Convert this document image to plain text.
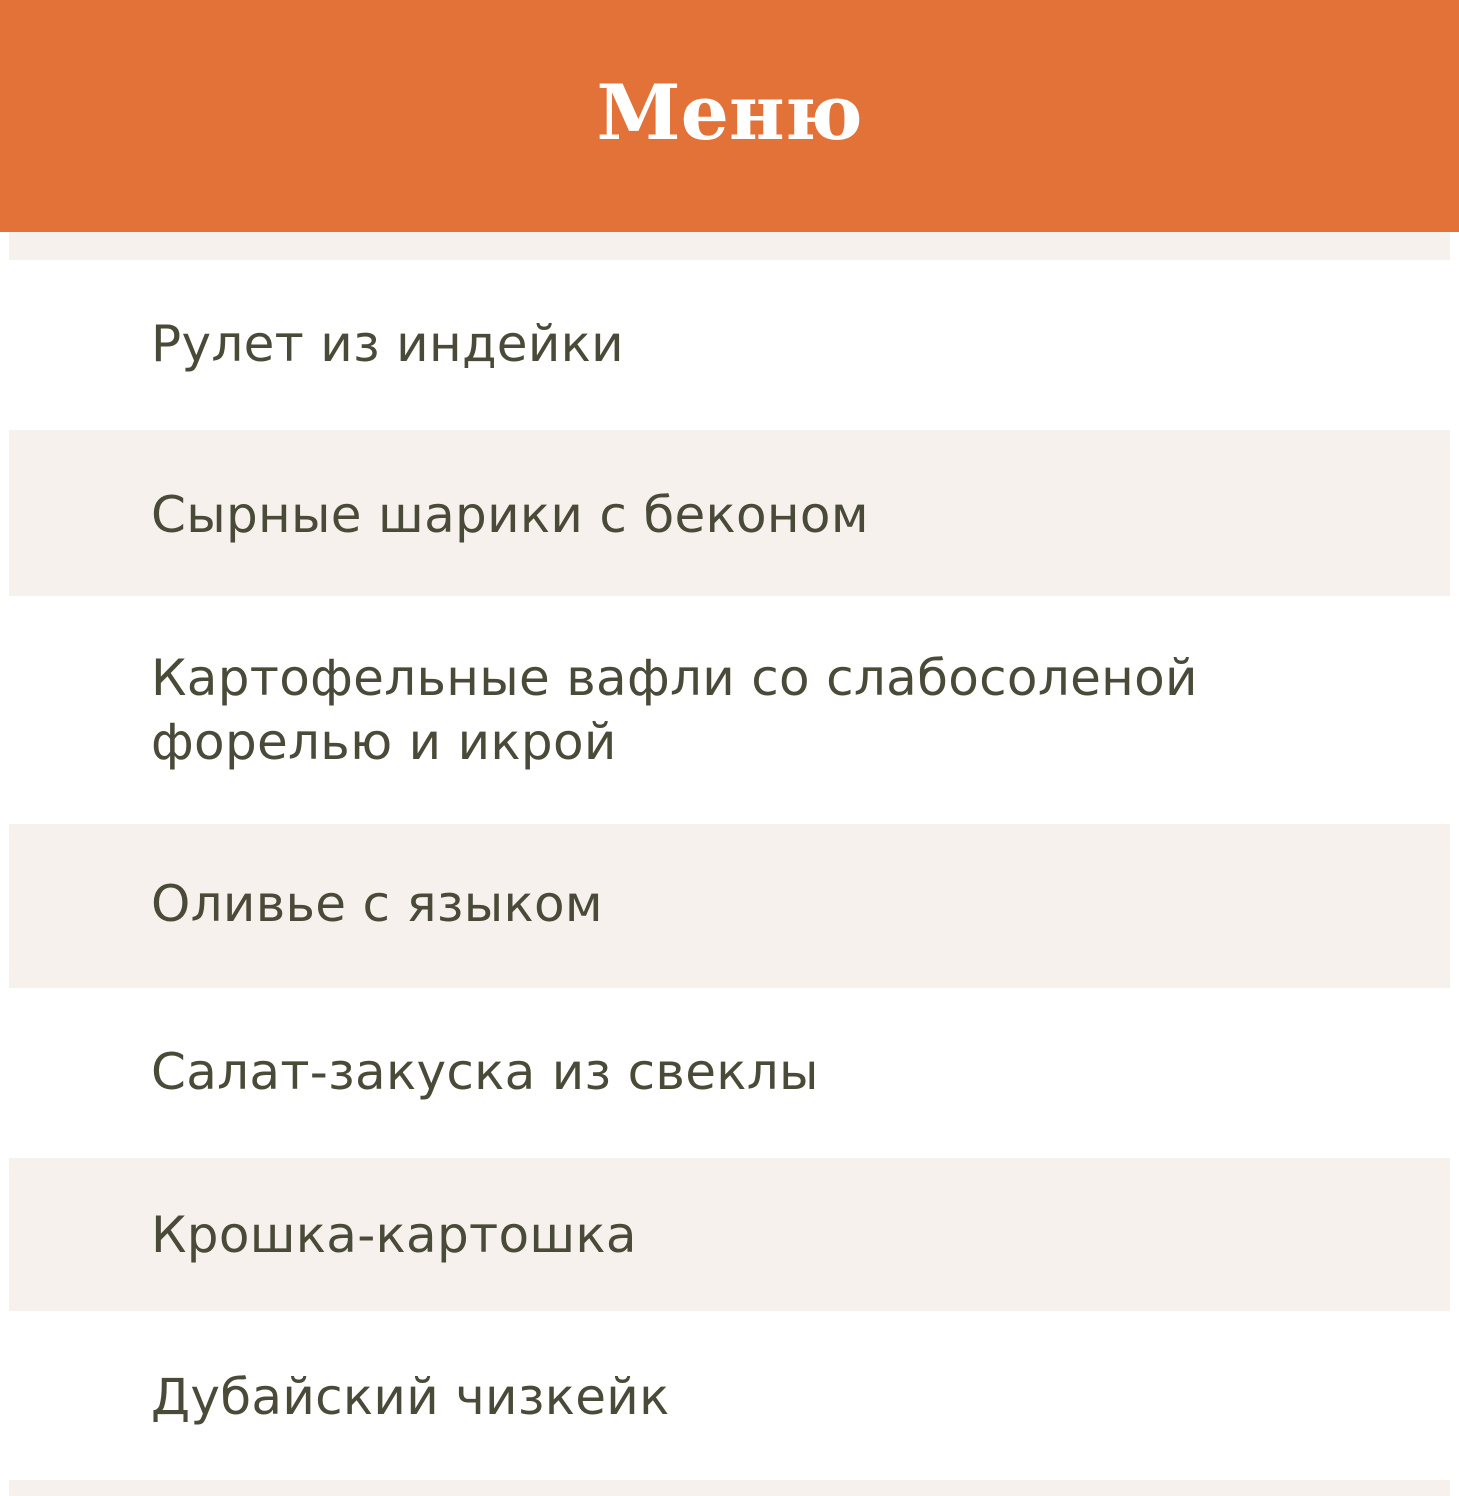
Меню
Рулет из индейки
Сырные шарики с беконом
Картофельные вафли со слабосоленой форелью и икрой
Оливье с языком
Салат-закуска из свеклы
Крошка-картошка
Дубайский чизкейк
